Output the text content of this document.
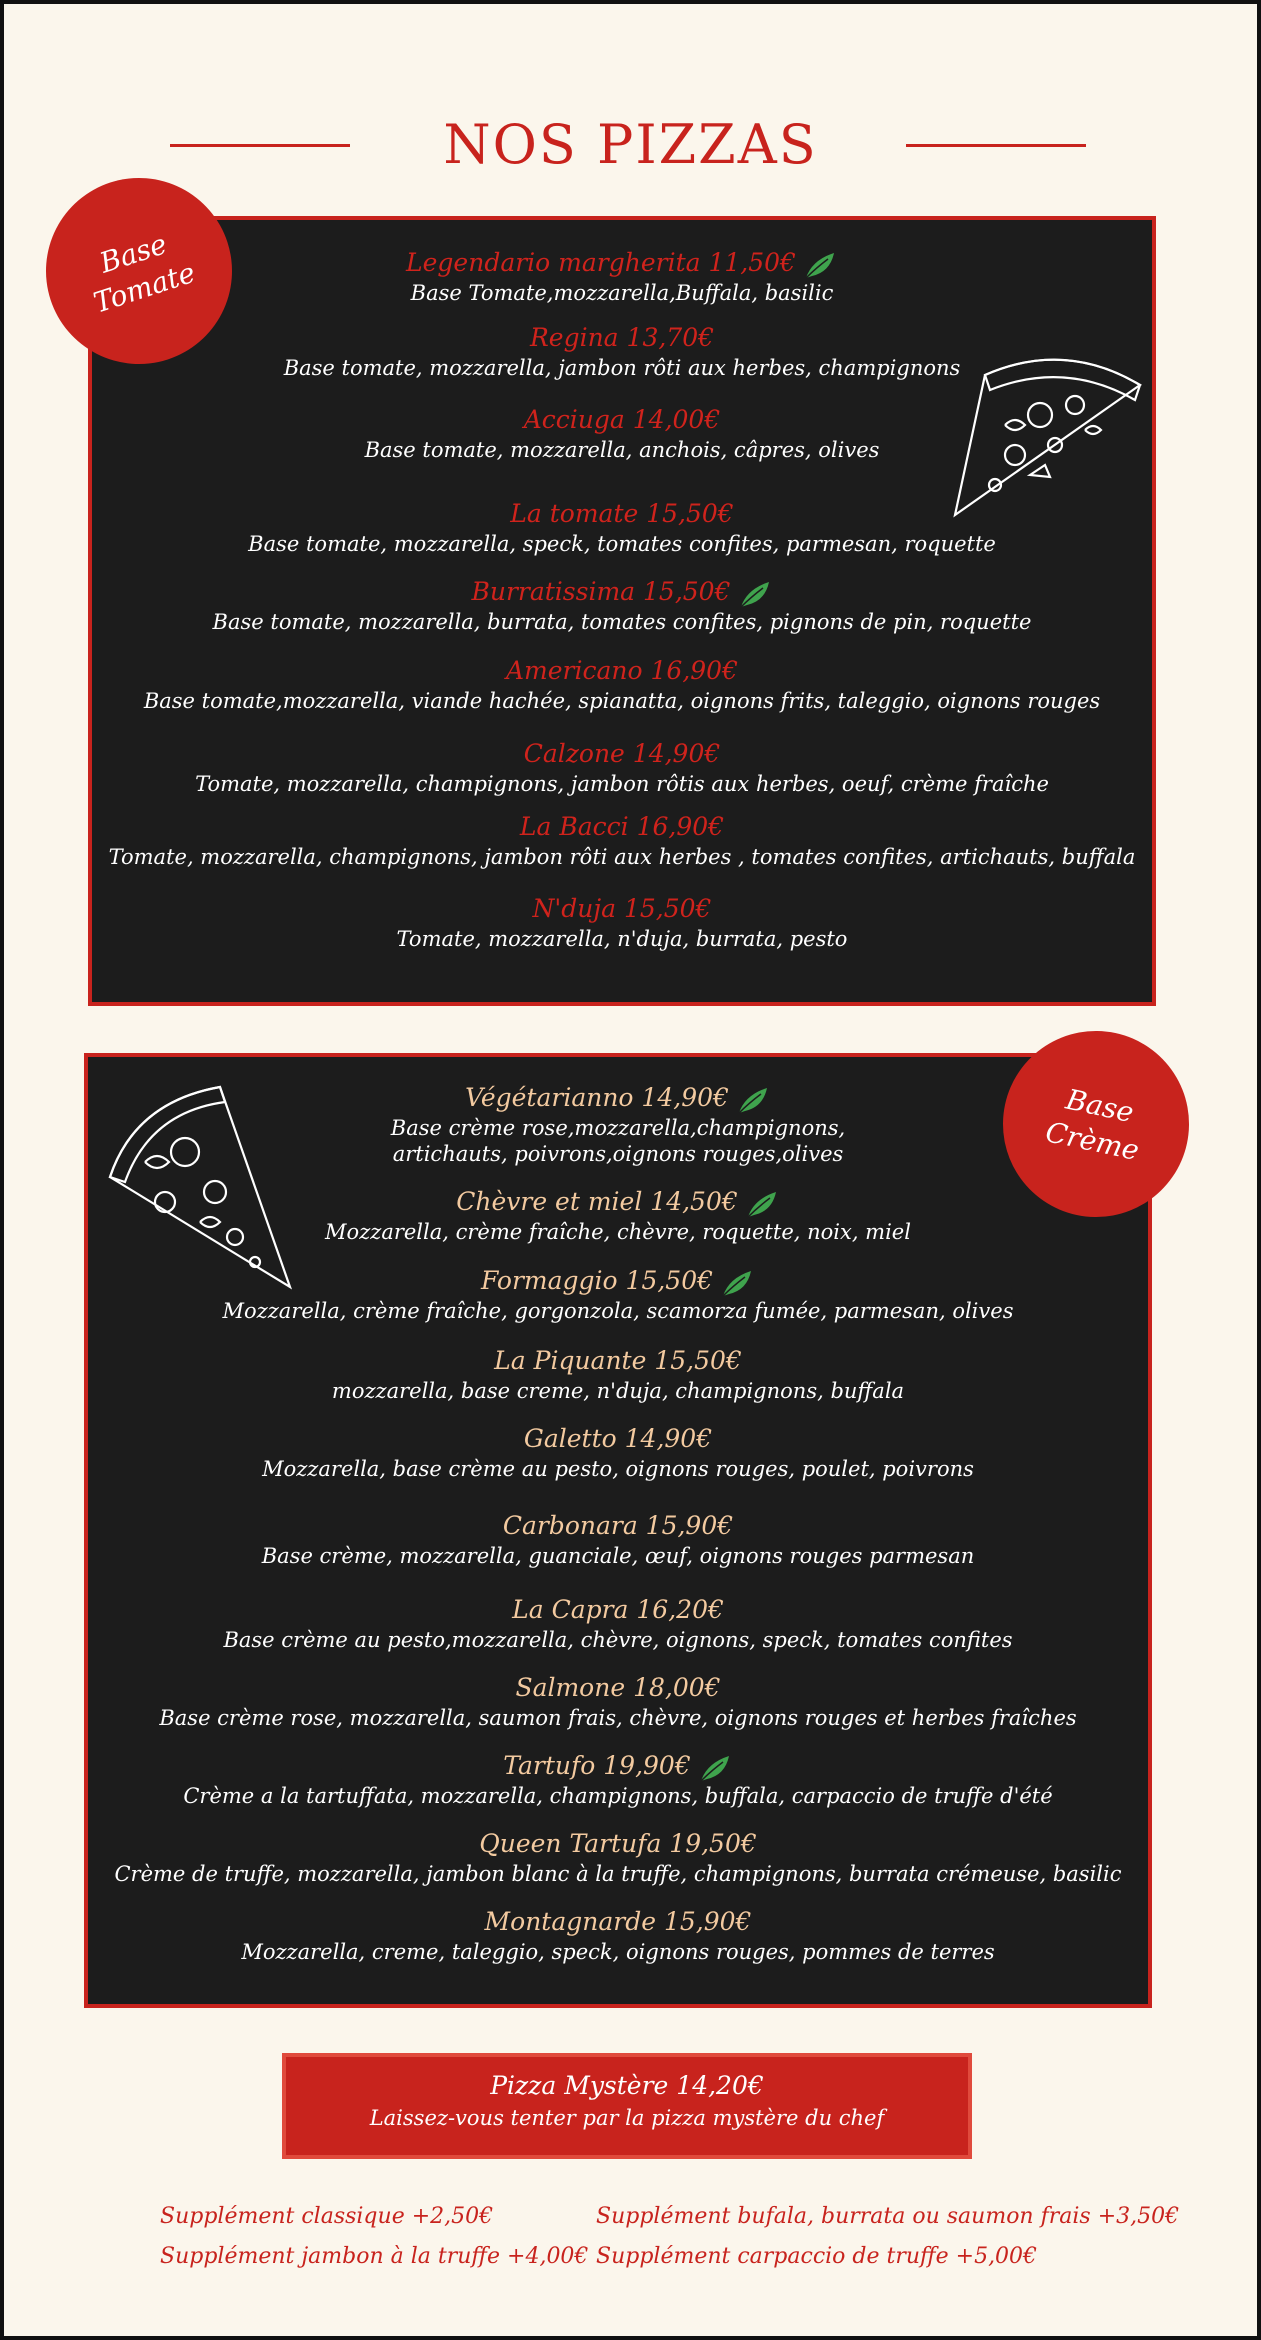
NOS PIZZAS
Legendario margherita 11,50€
Base Tomate,mozzarella,Buffala, basilic
Regina 13,70€
Base tomate, mozzarella, jambon rôti aux herbes, champignons
Acciuga 14,00€
Base tomate, mozzarella, anchois, câpres, olives
La tomate 15,50€
Base tomate, mozzarella, speck, tomates confites, parmesan, roquette
Burratissima 15,50€
Base tomate, mozzarella, burrata, tomates confites, pignons de pin, roquette
Americano 16,90€
Base tomate,mozzarella, viande hachée, spianatta, oignons frits, taleggio, oignons rouges
Calzone 14,90€
Tomate, mozzarella, champignons, jambon rôtis aux herbes, oeuf, crème fraîche
La Bacci 16,90€
Tomate, mozzarella, champignons, jambon rôti aux herbes , tomates confites, artichauts, buffala
N'duja 15,50€
Tomate, mozzarella, n'duja, burrata, pesto
Base
Tomate
Végétarianno 14,90€
Base crème rose,mozzarella,champignons, artichauts, poivrons,oignons rouges,olives
Chèvre et miel 14,50€
Mozzarella, crème fraîche, chèvre, roquette, noix, miel
Formaggio 15,50€
Mozzarella, crème fraîche, gorgonzola, scamorza fumée, parmesan, olives
La Piquante 15,50€
mozzarella, base creme, n'duja, champignons, buffala
Galetto 14,90€
Mozzarella, base crème au pesto, oignons rouges, poulet, poivrons
Carbonara 15,90€
Base crème, mozzarella, guanciale, œuf, oignons rouges parmesan
La Capra 16,20€
Base crème au pesto,mozzarella, chèvre, oignons, speck, tomates confites
Salmone 18,00€
Base crème rose, mozzarella, saumon frais, chèvre, oignons rouges et herbes fraîches
Tartufo 19,90€
Crème a la tartuffata, mozzarella, champignons, buffala, carpaccio de truffe d'été
Queen Tartufa 19,50€
Crème de truffe, mozzarella, jambon blanc à la truffe, champignons, burrata crémeuse, basilic
Montagnarde 15,90€
Mozzarella, creme, taleggio, speck, oignons rouges, pommes de terres
Base
Crème
Pizza Mystère 14,20€
Laissez-vous tenter par la pizza mystère du chef
Supplément classique +2,50€
Supplément jambon à la truffe +4,00€
Supplément bufala, burrata ou saumon frais +3,50€
Supplément carpaccio de truffe +5,00€
